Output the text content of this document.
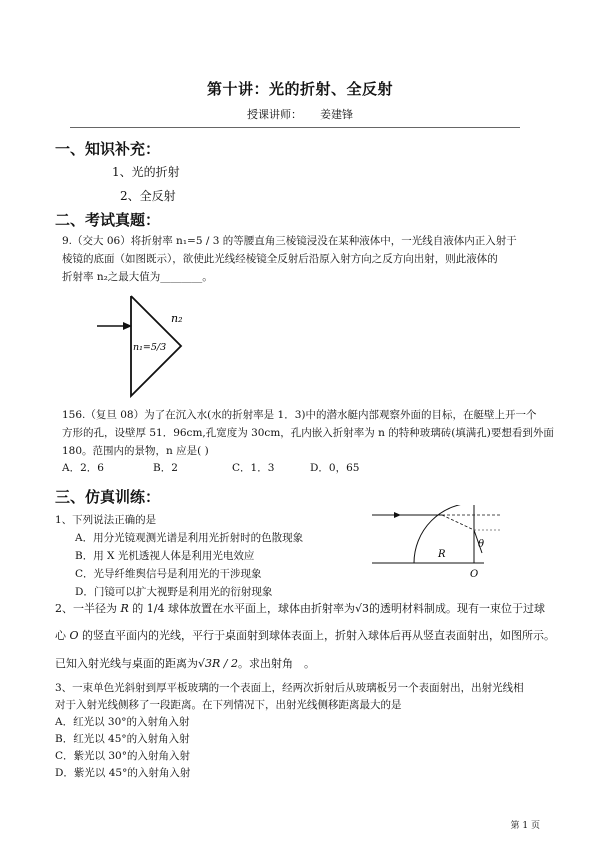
第十讲：光的折射、全反射
授课讲师： 姜建锋
一、知识补充：
1、光的折射
2、全反射
二、考试真题：
9.（交大 06）将折射率 n₁=5 / 3 的等腰直角三棱镜浸没在某种液体中，一光线自液体内正入射于
棱镜的底面（如图既示），欲使此光线经棱镜全反射后沿原入射方向之反方向出射，则此液体的
折射率 n₂之最大值为________。
n₂
n₁=5/3
156.（复旦 08）为了在沉入水(水的折射率是 1．3)中的潜水艇内部观察外面的目标，在艇壁上开一个
方形的孔，设壁厚 51．96cm,孔宽度为 30cm，孔内嵌入折射率为 n 的特种玻璃砖(填满孔)要想看到外面
180。范围内的景物，n 应是( )
A．2．6	B．2	C．1．3	D．0，65
三、仿真训练：
1、下列说法正确的是
A．用分光镜观测光谱是利用光折射时的色散现象
B．用 X 光机透视人体是利用光电效应
C．光导纤维舆信号是利用光的干涉现象
D．门镜可以扩大视野是利用光的衍射现象
θ
R
O
2、一半径为 R 的 1/4 球体放置在水平面上，球体由折射率为√3的透明材料制成。现有一束位于过球
心 O 的竖直平面内的光线，平行于桌面射到球体表面上，折射入球体后再从竖直表面射出，如图所示。
已知入射光线与桌面的距离为√3R / 2。求出射角　。
3、一束单色光斜射到厚平板玻璃的一个表面上，经两次折射后从玻璃板另一个表面射出，出射光线相
对于入射光线侧移了一段距离。在下列情况下，出射光线侧移距离最大的是
A．红光以 30°的入射角入射
B．红光以 45°的入射角入射
C．紫光以 30°的入射角入射
D．紫光以 45°的入射角入射
第 1 页
